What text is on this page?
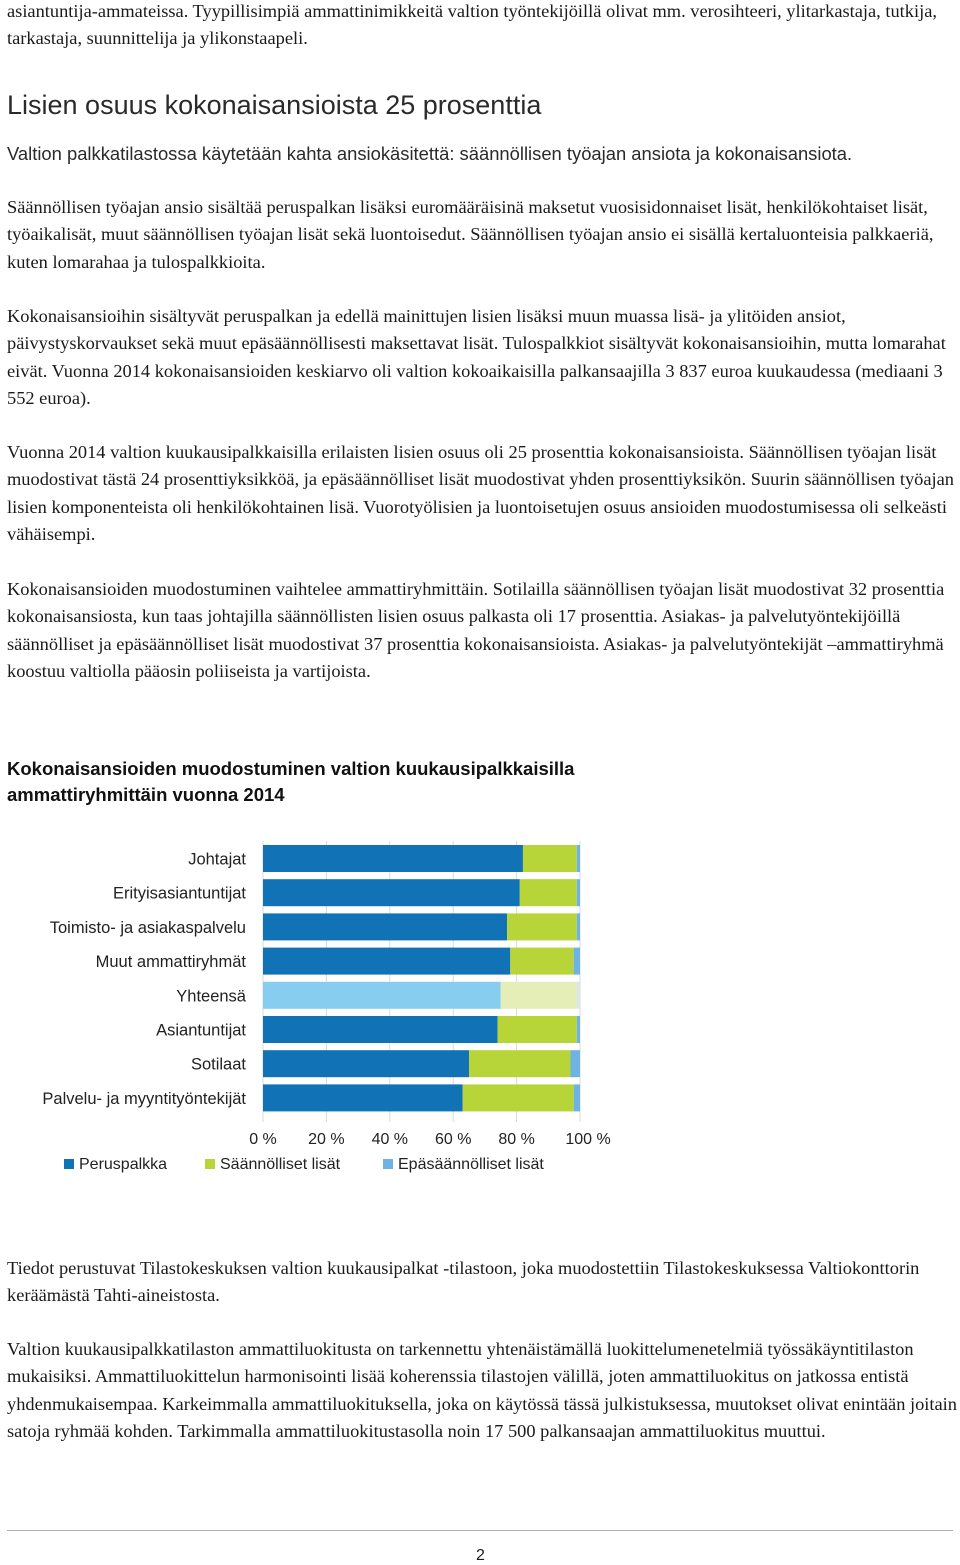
asiantuntija-ammateissa. Tyypillisimpiä ammattinimikkeitä valtion työntekijöillä olivat mm. verosihteeri, ylitarkastaja, tutkija, tarkastaja, suunnittelija ja ylikonstaapeli.

Lisien osuus kokonaisansioista 25 prosenttia

Valtion palkkatilastossa käytetään kahta ansiokäsitettä: säännöllisen työajan ansiota ja kokonaisansiota.

Säännöllisen työajan ansio sisältää peruspalkan lisäksi euromääräisinä maksetut vuosisidonnaiset lisät, henkilökohtaiset lisät, työaikalisät, muut säännöllisen työajan lisät sekä luontoisedut. Säännöllisen työajan ansio ei sisällä kertaluonteisia palkkaeriä, kuten lomarahaa ja tulospalkkioita.

Kokonaisansioihin sisältyvät peruspalkan ja edellä mainittujen lisien lisäksi muun muassa lisä- ja ylitöiden ansiot, päivystyskorvaukset sekä muut epäsäännöllisesti maksettavat lisät. Tulospalkkiot sisältyvät kokonaisansioihin, mutta lomarahat eivät. Vuonna 2014 kokonaisansioiden keskiarvo oli valtion kokoaikaisilla palkansaajilla 3 837 euroa kuukaudessa (mediaani 3 552 euroa).

Vuonna 2014 valtion kuukausipalkkaisilla erilaisten lisien osuus oli 25 prosenttia kokonaisansioista. Säännöllisen työajan lisät muodostivat tästä 24 prosenttiyksikköä, ja epäsäännölliset lisät muodostivat yhden prosenttiyksikön. Suurin säännöllisen työajan lisien komponenteista oli henkilökohtainen lisä. Vuorotyölisien ja luontoisetujen osuus ansioiden muodostumisessa oli selkeästi vähäisempi.

Kokonaisansioiden muodostuminen vaihtelee ammattiryhmittäin. Sotilailla säännöllisen työajan lisät muodostivat 32 prosenttia kokonaisansiosta, kun taas johtajilla säännöllisten lisien osuus palkasta oli 17 prosenttia. Asiakas- ja palvelutyöntekijöillä säännölliset ja epäsäännölliset lisät muodostivat 37 prosenttia kokonaisansioista. Asiakas- ja palvelutyöntekijät –ammattiryhmä koostuu valtiolla pääosin poliiseista ja vartijoista.

Kokonaisansioiden muodostuminen valtion kuukausipalkkaisilla ammattiryhmittäin vuonna 2014
Johtajat
Erityisasiantuntijat
Toimisto- ja asiakaspalvelu
Muut ammattiryhmät
Yhteensä
Asiantuntijat
Sotilaat
Palvelu- ja myyntityöntekijät
0 % 20 % 40 % 60 % 80 % 100 %
Peruspalkka	Säännölliset lisät	Epäsäännölliset lisät

Tiedot perustuvat Tilastokeskuksen valtion kuukausipalkat -tilastoon, joka muodostettiin Tilastokeskuksessa Valtiokonttorin keräämästä Tahti-aineistosta.

Valtion kuukausipalkkatilaston ammattiluokitusta on tarkennettu yhtenäistämällä luokittelumenetelmiä työssäkäyntitilaston mukaisiksi. Ammattiluokittelun harmonisointi lisää koherenssia tilastojen välillä, joten ammattiluokitus on jatkossa entistä yhdenmukaisempaa. Karkeimmalla ammattiluokituksella, joka on käytössä tässä julkistuksessa, muutokset olivat enintään joitain satoja ryhmää kohden. Tarkimmalla ammattiluokitustasolla noin 17 500 palkansaajan ammattiluokitus muuttui.

2
